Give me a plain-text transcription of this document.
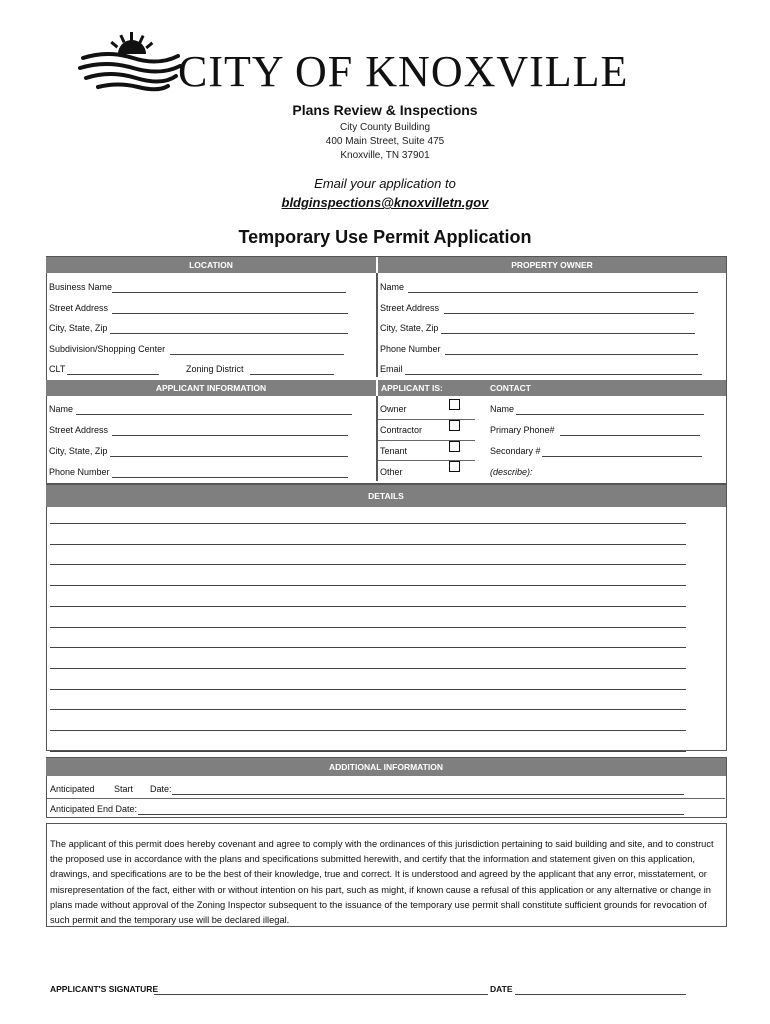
CITY OF KNOXVILLE
Plans Review & Inspections
City County Building
400 Main Street, Suite 475
Knoxville, TN 37901
Email your application to
bldginspections@knoxvilletn.gov
Temporary Use Permit Application
LOCATION	PROPERTY OWNER
Business Name
Street Address
City, State, Zip
Subdivision/Shopping Center
CLT	Zoning District
Name
Street Address
City, State, Zip
Phone Number
Email
APPLICANT INFORMATION	APPLICANT IS:	CONTACT
Name
Street Address
City, State, Zip
Phone Number
Owner
Contractor
Tenant
Other
Name
Primary Phone#
Secondary #
(describe):
DETAILS
ADDITIONAL INFORMATION
Anticipated Start Date:
Anticipated End Date:
The applicant of this permit does hereby covenant and agree to comply with the ordinances of this jurisdiction pertaining to said building and site, and to construct the proposed use in accordance with the plans and specifications submitted herewith, and certify that the information and statement given on this application, drawings, and specifications are to be the best of their knowledge, true and correct. It is understood and agreed by the applicant that any error, misstatement, or misrepresentation of the fact, either with or without intention on his part, such as might, if known cause a refusal of this application or any alternative or change in plans made without approval of the Zoning Inspector subsequent to the issuance of the temporary use permit shall constitute sufficient grounds for revocation of such permit and the temporary use will be declared illegal.
APPLICANT'S SIGNATURE	DATE
